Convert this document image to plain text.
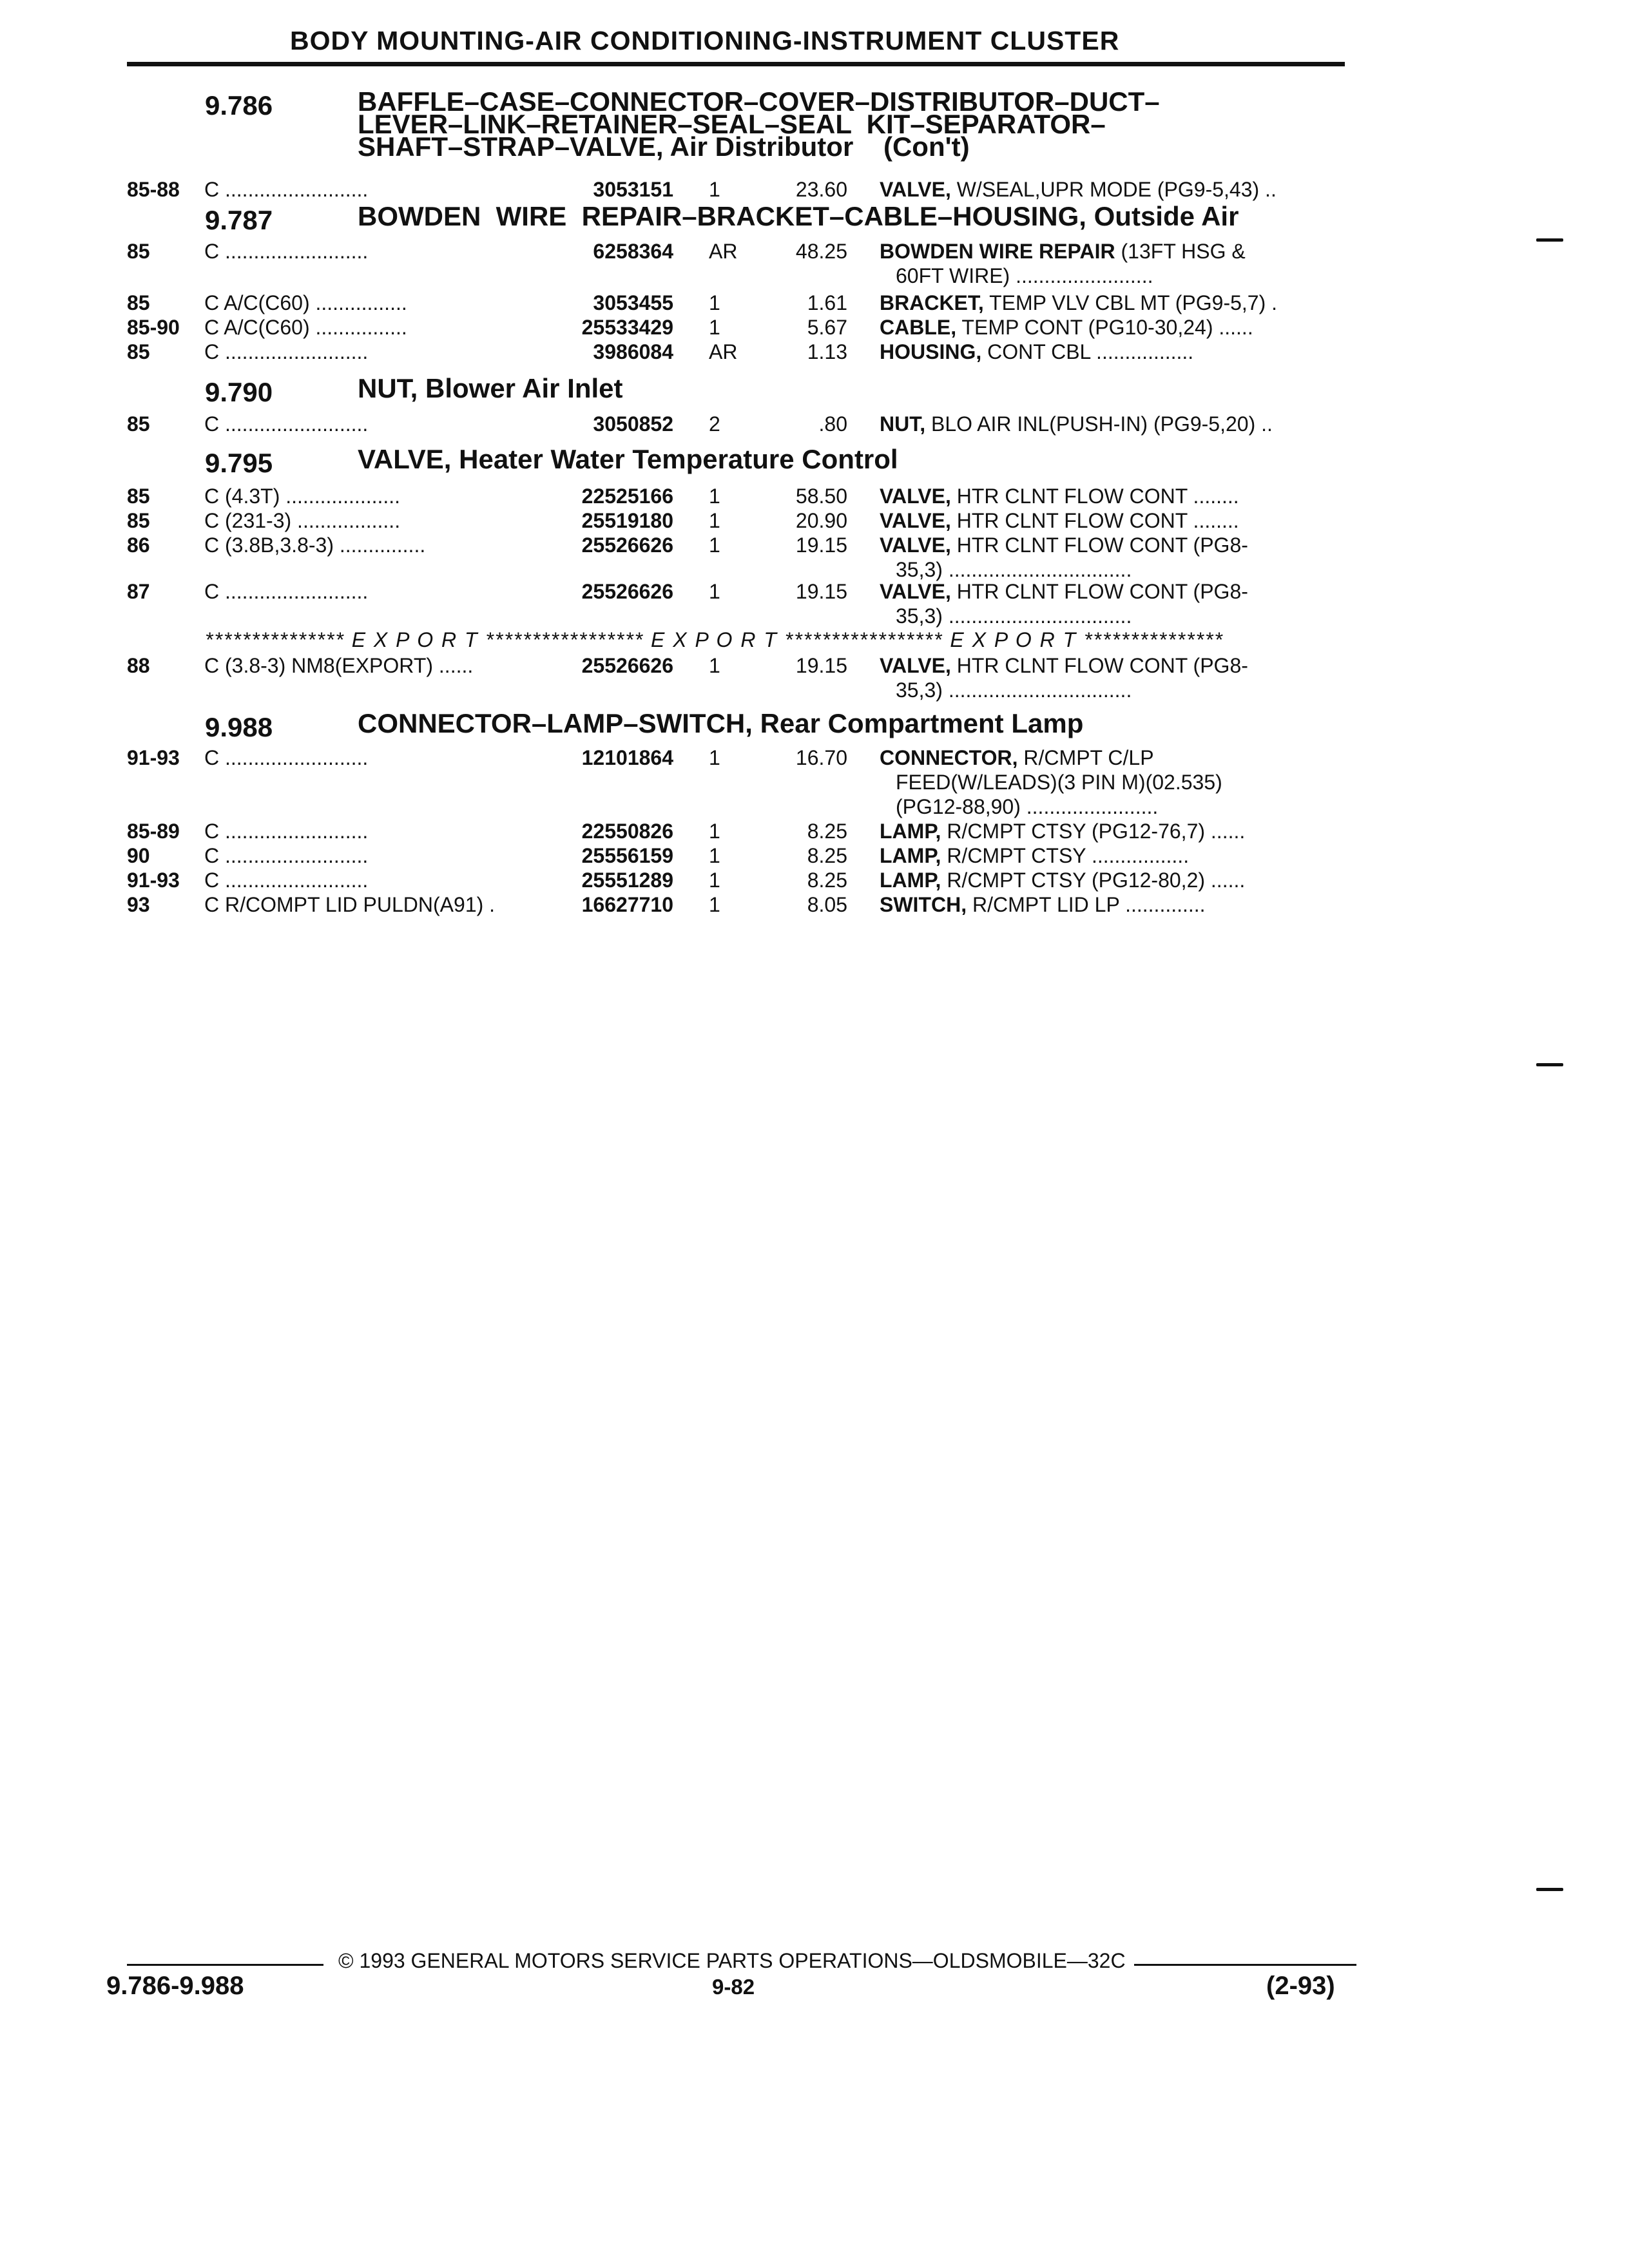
BODY MOUNTING-AIR CONDITIONING-INSTRUMENT CLUSTER
9.786	BAFFLE–CASE–CONNECTOR–COVER–DISTRIBUTOR–DUCT–
LEVER–LINK–RETAINER–SEAL–SEAL  KIT–SEPARATOR–
SHAFT–STRAP–VALVE, Air Distributor    (Con't)
85-88 C .........................	3053151 1	23.60 VALVE, W/SEAL,UPR MODE (PG9-5,43) ..
9.787	BOWDEN  WIRE  REPAIR–BRACKET–CABLE–HOUSING, Outside Air
85	C .........................	6258364 AR	48.25 BOWDEN WIRE REPAIR (13FT HSG &
60FT WIRE) ........................
85	C A/C(C60) ................	3053455 1	1.61 BRACKET, TEMP VLV CBL MT (PG9-5,7) .
85-90 C A/C(C60) ................	25533429 1	5.67 CABLE, TEMP CONT (PG10-30,24) ......
85	C .........................	3986084 AR	1.13 HOUSING, CONT CBL .................
9.790	NUT, Blower Air Inlet
85	C .........................	3050852 2	.80 NUT, BLO AIR INL(PUSH-IN) (PG9-5,20) ..
9.795	VALVE, Heater Water Temperature Control
85	C (4.3T) ....................	22525166 1	58.50 VALVE, HTR CLNT FLOW CONT ........
85	C (231-3) ..................	25519180 1	20.90 VALVE, HTR CLNT FLOW CONT ........
86	C (3.8B,3.8-3) ...............	25526626 1	19.15 VALVE, HTR CLNT FLOW CONT (PG8-
35,3) ................................
87	C .........................	25526626 1	19.15 VALVE, HTR CLNT FLOW CONT (PG8-
35,3) ................................
88	C (3.8-3) NM8(EXPORT) ......	25526626 1	19.15 VALVE, HTR CLNT FLOW CONT (PG8-
35,3) ................................
*************** E X P O R T ***************** E X P O R T ***************** E X P O R T ***************
9.988	CONNECTOR–LAMP–SWITCH, Rear Compartment Lamp
91-93 C .........................	12101864 1	16.70 CONNECTOR, R/CMPT C/LP
FEED(W/LEADS)(3 PIN M)(02.535)
(PG12-88,90) .......................
85-89 C .........................	22550826 1	8.25 LAMP, R/CMPT CTSY (PG12-76,7) ......
90	C .........................	25556159 1	8.25 LAMP, R/CMPT CTSY .................
91-93 C .........................	25551289 1	8.25 LAMP, R/CMPT CTSY (PG12-80,2) ......
93	C R/COMPT LID PULDN(A91) .	16627710 1	8.05 SWITCH, R/CMPT LID LP ..............
© 1993 GENERAL MOTORS SERVICE PARTS OPERATIONS—OLDSMOBILE—32C
9.786-9.988	9-82	(2-93)
